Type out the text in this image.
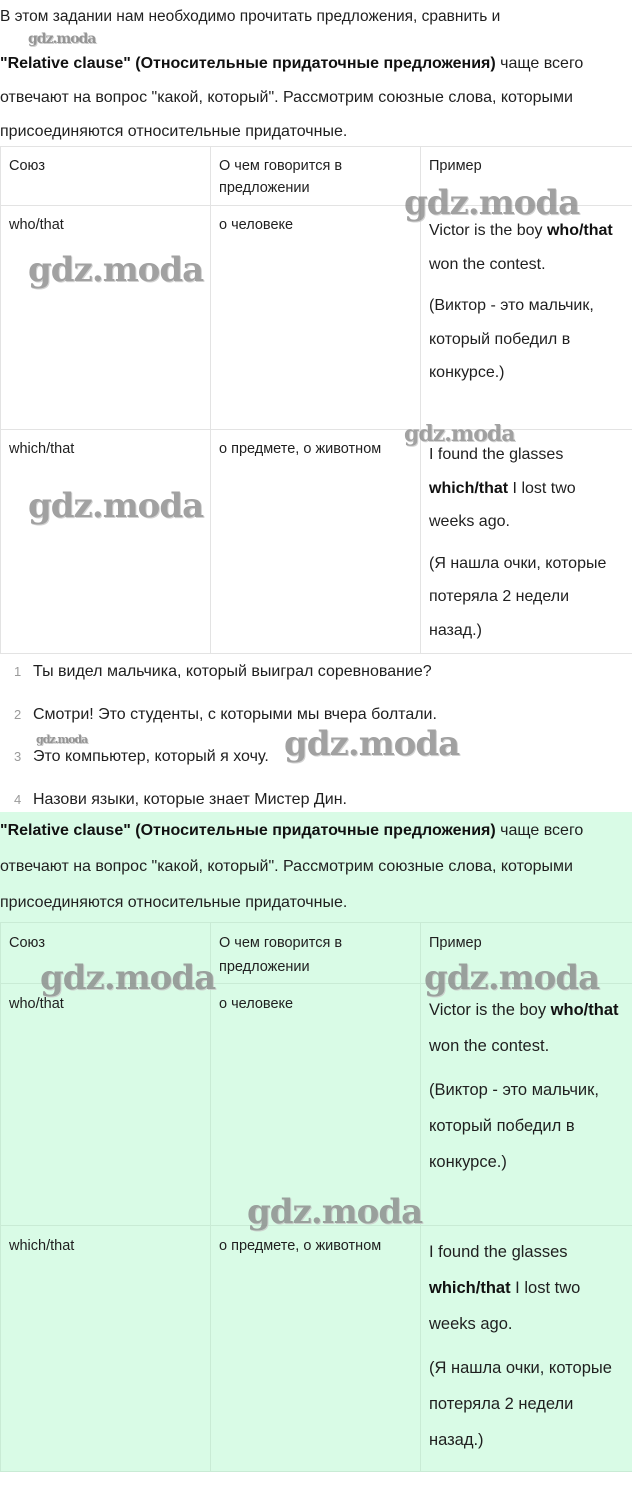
В этом задании нам необходимо прочитать предложения, сравнить и
"Relative clause" (Относительные придаточные предложения) чаще всего отвечают на вопрос "какой, который". Рассмотрим союзные слова, которыми присоединяются относительные придаточные.
Союз	О чем говорится в предложении	Пример
who/that	о человеке	Victor is the boy who/that won the contest.
(Виктор - это мальчик, который победил в конкурсе.)

which/that	о предмете, о животном	I found the glasses which/that I lost two weeks ago.
(Я нашла очки, которые потеряла 2 недели назад.)
1 Ты видел мальчика, который выиграл соревнование?
2 Смотри! Это студенты, с которыми мы вчера болтали.
3 Это компьютер, который я хочу.
4 Назови языки, которые знает Мистер Дин.
"Relative clause" (Относительные придаточные предложения) чаще всего отвечают на вопрос "какой, который". Рассмотрим союзные слова, которыми присоединяются относительные придаточные.
Союз	О чем говорится в предложении	Пример
who/that	о человеке	Victor is the boy who/that won the contest.
(Виктор - это мальчик, который победил в конкурсе.)

which/that	о предмете, о животном	I found the glasses which/that I lost two weeks ago.
(Я нашла очки, которые потеряла 2 недели назад.)
gdz.moda
gdz.moda
gdz.moda
gdz.moda
gdz.moda
gdz.moda	gdz.moda
gdz.moda	gdz.moda
gdz.moda
